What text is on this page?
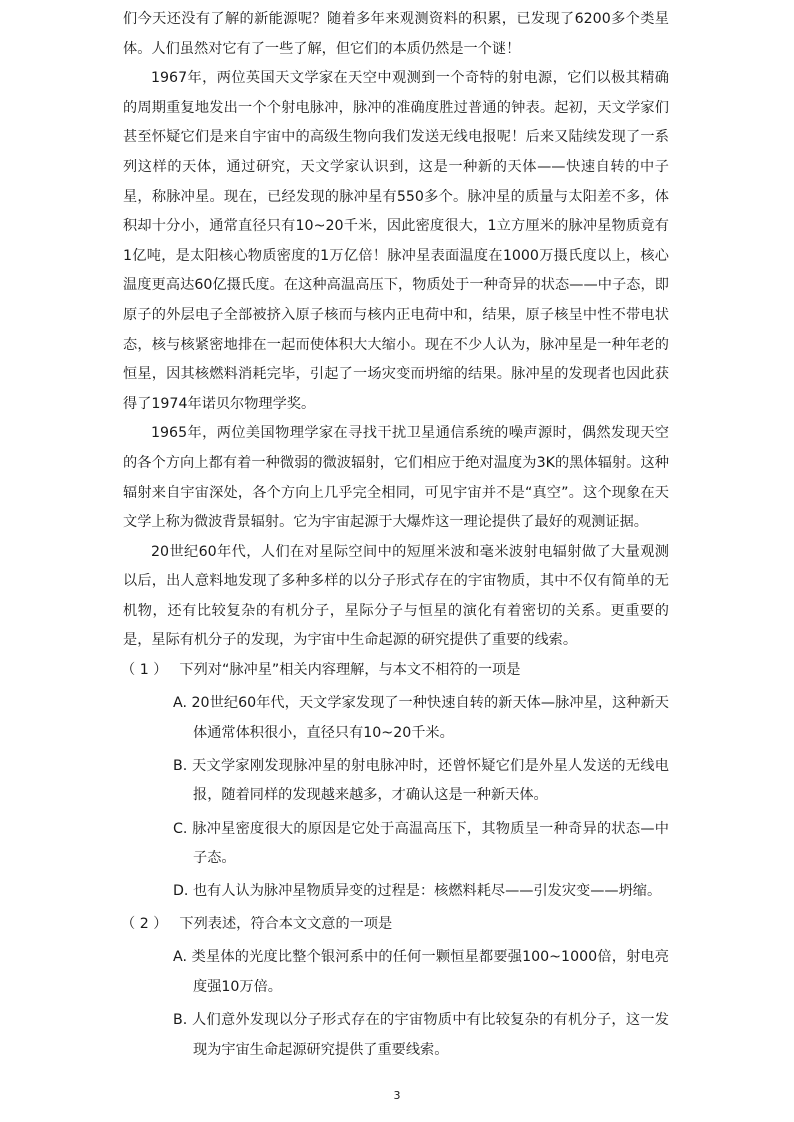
们今天还没有了解的新能源呢？随着多年来观测资料的积累，已发现了6200多个类星体。人们虽然对它有了一些了解，但它们的本质仍然是一个谜！

1967年，两位英国天文学家在天空中观测到一个奇特的射电源，它们以极其精确的周期重复地发出一个个射电脉冲，脉冲的准确度胜过普通的钟表。起初，天文学家们甚至怀疑它们是来自宇宙中的高级生物向我们发送无线电报呢！后来又陆续发现了一系列这样的天体，通过研究，天文学家认识到，这是一种新的天体——快速自转的中子星，称脉冲星。现在，已经发现的脉冲星有550多个。脉冲星的质量与太阳差不多，体积却十分小，通常直径只有10~20千米，因此密度很大，1立方厘米的脉冲星物质竟有1亿吨，是太阳核心物质密度的1万亿倍！脉冲星表面温度在1000万摄氏度以上，核心温度更高达60亿摄氏度。在这种高温高压下，物质处于一种奇异的状态——中子态，即原子的外层电子全部被挤入原子核而与核内正电荷中和，结果，原子核呈中性不带电状态，核与核紧密地排在一起而使体积大大缩小。现在不少人认为，脉冲星是一种年老的恒星，因其核燃料消耗完毕，引起了一场灾变而坍缩的结果。脉冲星的发现者也因此获得了1974年诺贝尔物理学奖。

1965年，两位美国物理学家在寻找干扰卫星通信系统的噪声源时，偶然发现天空的各个方向上都有着一种微弱的微波辐射，它们相应于绝对温度为3K的黑体辐射。这种辐射来自宇宙深处，各个方向上几乎完全相同，可见宇宙并不是“真空”。这个现象在天文学上称为微波背景辐射。它为宇宙起源于大爆炸这一理论提供了最好的观测证据。

20世纪60年代，人们在对星际空间中的短厘米波和毫米波射电辐射做了大量观测以后，出人意料地发现了多种多样的以分子形式存在的宇宙物质，其中不仅有简单的无机物，还有比较复杂的有机分子，星际分子与恒星的演化有着密切的关系。更重要的是，星际有机分子的发现，为宇宙中生命起源的研究提供了重要的线索。

（ 1 ） 下列对“脉冲星”相关内容理解，与本文不相符的一项是

A. 20世纪60年代，天文学家发现了一种快速自转的新天体—脉冲星，这种新天体通常体积很小，直径只有10~20千米。

B. 天文学家刚发现脉冲星的射电脉冲时，还曾怀疑它们是外星人发送的无线电报，随着同样的发现越来越多，才确认这是一种新天体。

C. 脉冲星密度很大的原因是它处于高温高压下，其物质呈一种奇异的状态—中子态。

D. 也有人认为脉冲星物质异变的过程是：核燃料耗尽——引发灾变——坍缩。

（ 2 ） 下列表述，符合本文文意的一项是

A. 类星体的光度比整个银河系中的任何一颗恒星都要强100~1000倍，射电亮度强10万倍。

B. 人们意外发现以分子形式存在的宇宙物质中有比较复杂的有机分子，这一发现为宇宙生命起源研究提供了重要线索。

3
